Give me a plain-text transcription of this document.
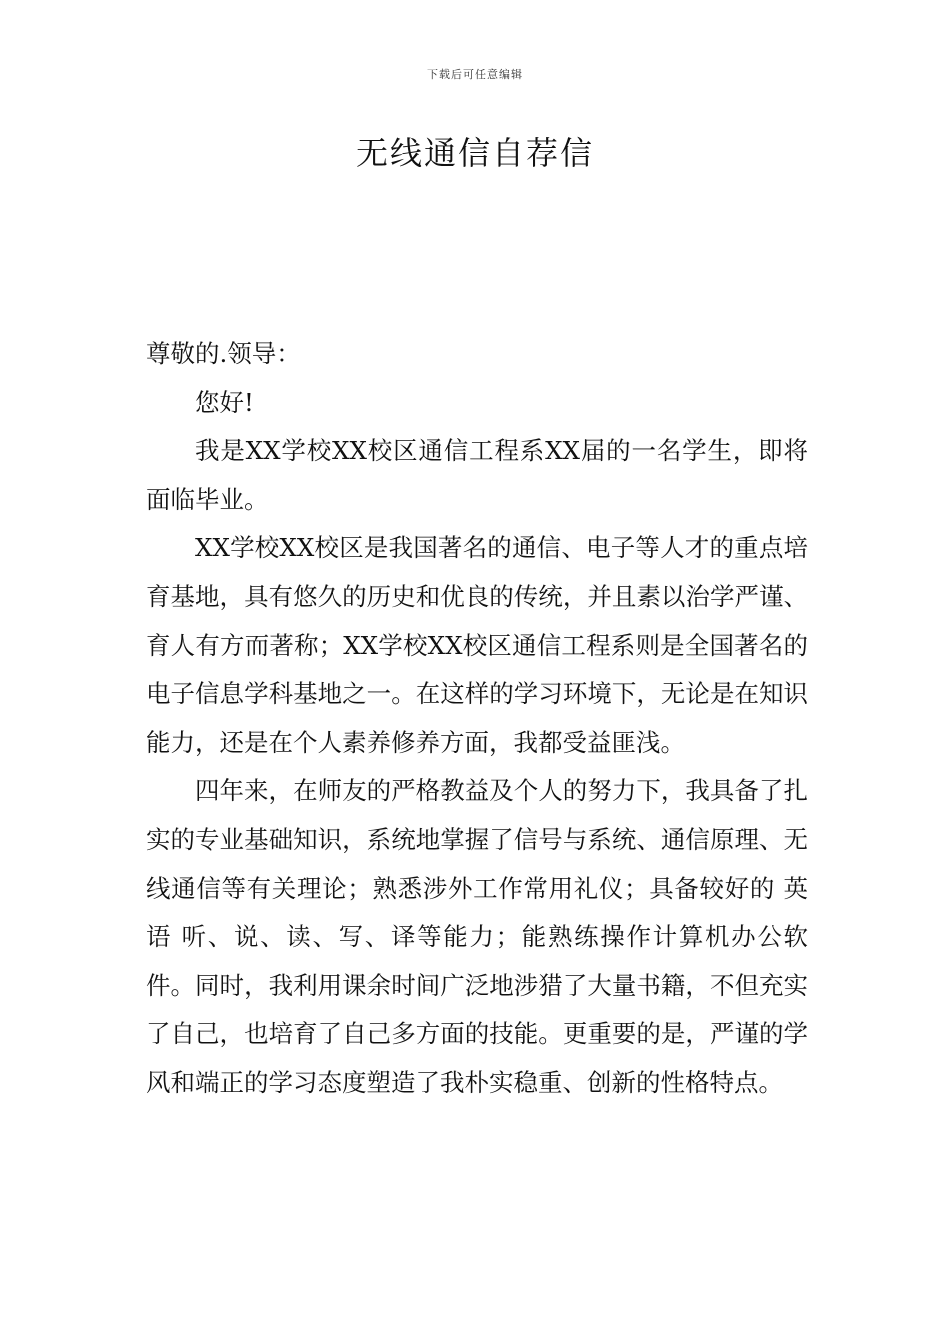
下载后可任意编辑
无线通信自荐信

尊敬的.领导：

您好!

我是XX学校XX校区通信工程系XX届的一名学生，即将面临毕业。

XX学校XX校区是我国著名的通信、电子等人才的重点培育基地，具有悠久的历史和优良的传统，并且素以治学严谨、育人有方而著称；XX学校XX校区通信工程系则是全国著名的电子信息学科基地之一。在这样的学习环境下，无论是在知识能力，还是在个人素养修养方面，我都受益匪浅。

四年来，在师友的严格教益及个人的努力下，我具备了扎实的专业基础知识，系统地掌握了信号与系统、通信原理、无线通信等有关理论；熟悉涉外工作常用礼仪；具备较好的 英语 听、说、读、写、译等能力；能熟练操作计算机办公软件。同时，我利用课余时间广泛地涉猎了大量书籍，不但充实了自己，也培育了自己多方面的技能。更重要的是，严谨的学风和端正的学习态度塑造了我朴实稳重、创新的性格特点。
